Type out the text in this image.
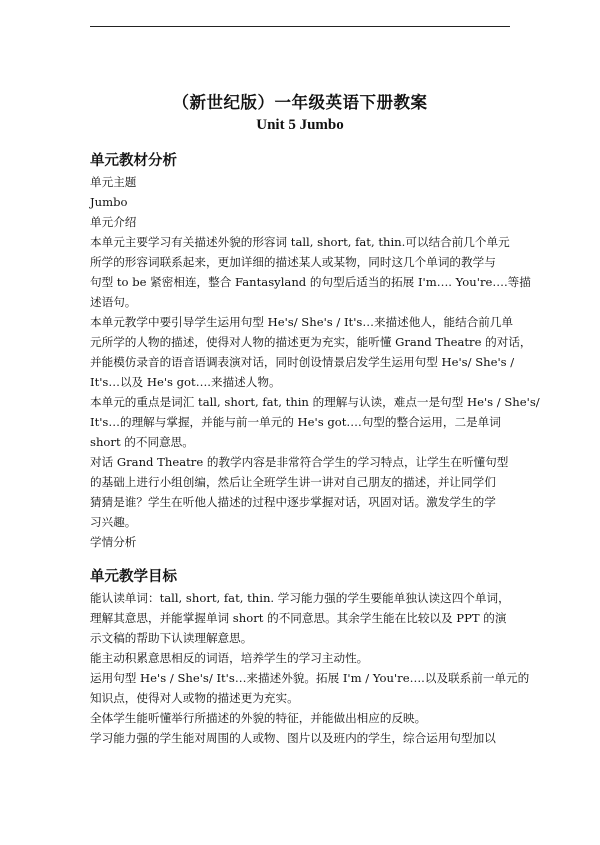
（新世纪版）一年级英语下册教案
Unit 5 Jumbo

单元教材分析

单元主题

Jumbo

单元介绍

本单元主要学习有关描述外貌的形容词 tall, short, fat, thin.可以结合前几个单元

所学的形容词联系起来，更加详细的描述某人或某物，同时这几个单词的教学与

句型 to be 紧密相连，整合 Fantasyland 的句型后适当的拓展 I'm…. You're….等描

述语句。

本单元教学中要引导学生运用句型 He's/ She's / It's…来描述他人，能结合前几单

元所学的人物的描述，使得对人物的描述更为充实，能听懂 Grand Theatre 的对话，

并能模仿录音的语音语调表演对话，同时创设情景启发学生运用句型 He's/ She's /

It's…以及 He's got….来描述人物。

本单元的重点是词汇 tall, short, fat, thin 的理解与认读，难点一是句型 He's / She's/

It's…的理解与掌握，并能与前一单元的 He's got….句型的整合运用，二是单词

short 的不同意思。

对话 Grand Theatre 的教学内容是非常符合学生的学习特点，让学生在听懂句型

的基础上进行小组创编，然后让全班学生讲一讲对自己朋友的描述，并让同学们

猜猜是谁？学生在听他人描述的过程中逐步掌握对话，巩固对话。激发学生的学

习兴趣。

学情分析

单元教学目标

能认读单词：tall, short, fat, thin. 学习能力强的学生要能单独认读这四个单词，

理解其意思，并能掌握单词 short 的不同意思。其余学生能在比较以及 PPT 的演

示文稿的帮助下认读理解意思。

能主动积累意思相反的词语，培养学生的学习主动性。

运用句型 He's / She's/ It's…来描述外貌。拓展 I'm / You're….以及联系前一单元的

知识点，使得对人或物的描述更为充实。

全体学生能听懂举行所描述的外貌的特征，并能做出相应的反映。

学习能力强的学生能对周围的人或物、图片以及班内的学生，综合运用句型加以
